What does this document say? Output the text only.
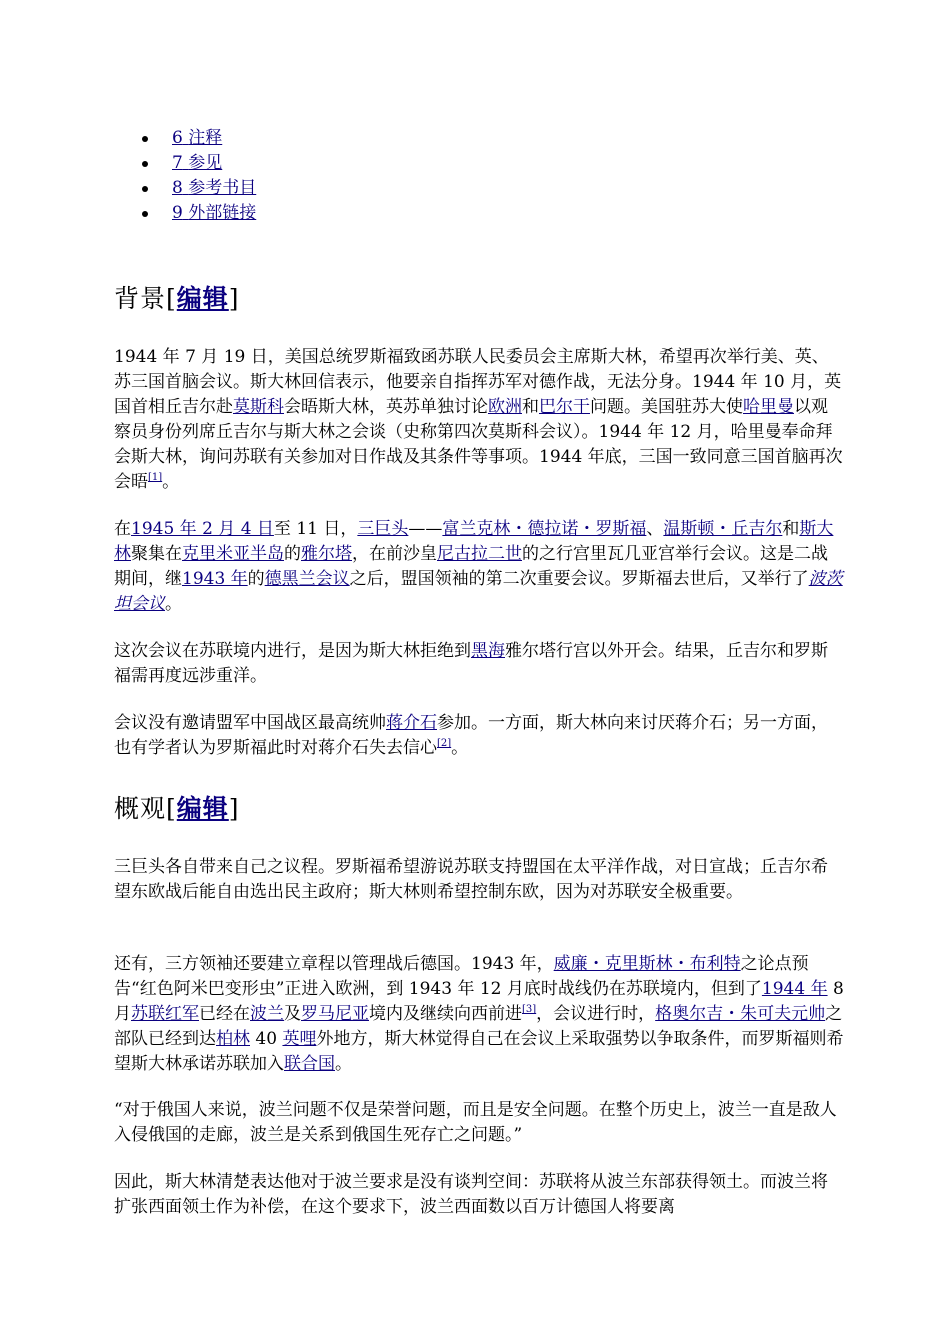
6 注释
7 参见
8 参考书目
9 外部链接
背景[编辑]

1944 年 7 月 19 日，美国总统罗斯福致函苏联人民委员会主席斯大林，希望再次举行美、英、苏三国首脑会议。斯大林回信表示，他要亲自指挥苏军对德作战，无法分身。1944 年 10 月，英国首相丘吉尔赴莫斯科会晤斯大林，英苏单独讨论欧洲和巴尔干问题。美国驻苏大使哈里曼以观察员身份列席丘吉尔与斯大林之会谈（史称第四次莫斯科会议）。1944 年 12 月，哈里曼奉命拜会斯大林，询问苏联有关参加对日作战及其条件等事项。1944 年底，三国一致同意三国首脑再次会晤[1]。

在1945 年 2 月 4 日至 11 日，三巨头——富兰克林・德拉诺・罗斯福、温斯顿・丘吉尔和斯大林聚集在克里米亚半岛的雅尔塔，在前沙皇尼古拉二世的之行宫里瓦几亚宫举行会议。这是二战期间，继1943 年的德黑兰会议之后，盟国领袖的第二次重要会议。罗斯福去世后，又举行了波茨坦会议。

这次会议在苏联境内进行，是因为斯大林拒绝到黑海雅尔塔行宫以外开会。结果，丘吉尔和罗斯福需再度远涉重洋。

会议没有邀请盟军中国战区最高统帅蒋介石参加。一方面，斯大林向来讨厌蒋介石；另一方面，也有学者认为罗斯福此时对蒋介石失去信心[2]。

概观[编辑]

三巨头各自带来自己之议程。罗斯福希望游说苏联支持盟国在太平洋作战，对日宣战；丘吉尔希望东欧战后能自由选出民主政府；斯大林则希望控制东欧，因为对苏联安全极重要。

还有，三方领袖还要建立章程以管理战后德国。1943 年，威廉・克里斯林・布利特之论点预告“红色阿米巴变形虫”正进入欧洲，到 1943 年 12 月底时战线仍在苏联境内，但到了1944 年 8 月苏联红军已经在波兰及罗马尼亚境内及继续向西前进[3]，会议进行时，格奥尔吉・朱可夫元帅之部队已经到达柏林 40 英哩外地方，斯大林觉得自己在会议上采取强势以争取条件，而罗斯福则希望斯大林承诺苏联加入联合国。

“对于俄国人来说，波兰问题不仅是荣誉问题，而且是安全问题。在整个历史上，波兰一直是敌人入侵俄国的走廊，波兰是关系到俄国生死存亡之问题。”

因此，斯大林清楚表达他对于波兰要求是没有谈判空间：苏联将从波兰东部获得领土。而波兰将扩张西面领土作为补偿，在这个要求下，波兰西面数以百万计德国人将要离
